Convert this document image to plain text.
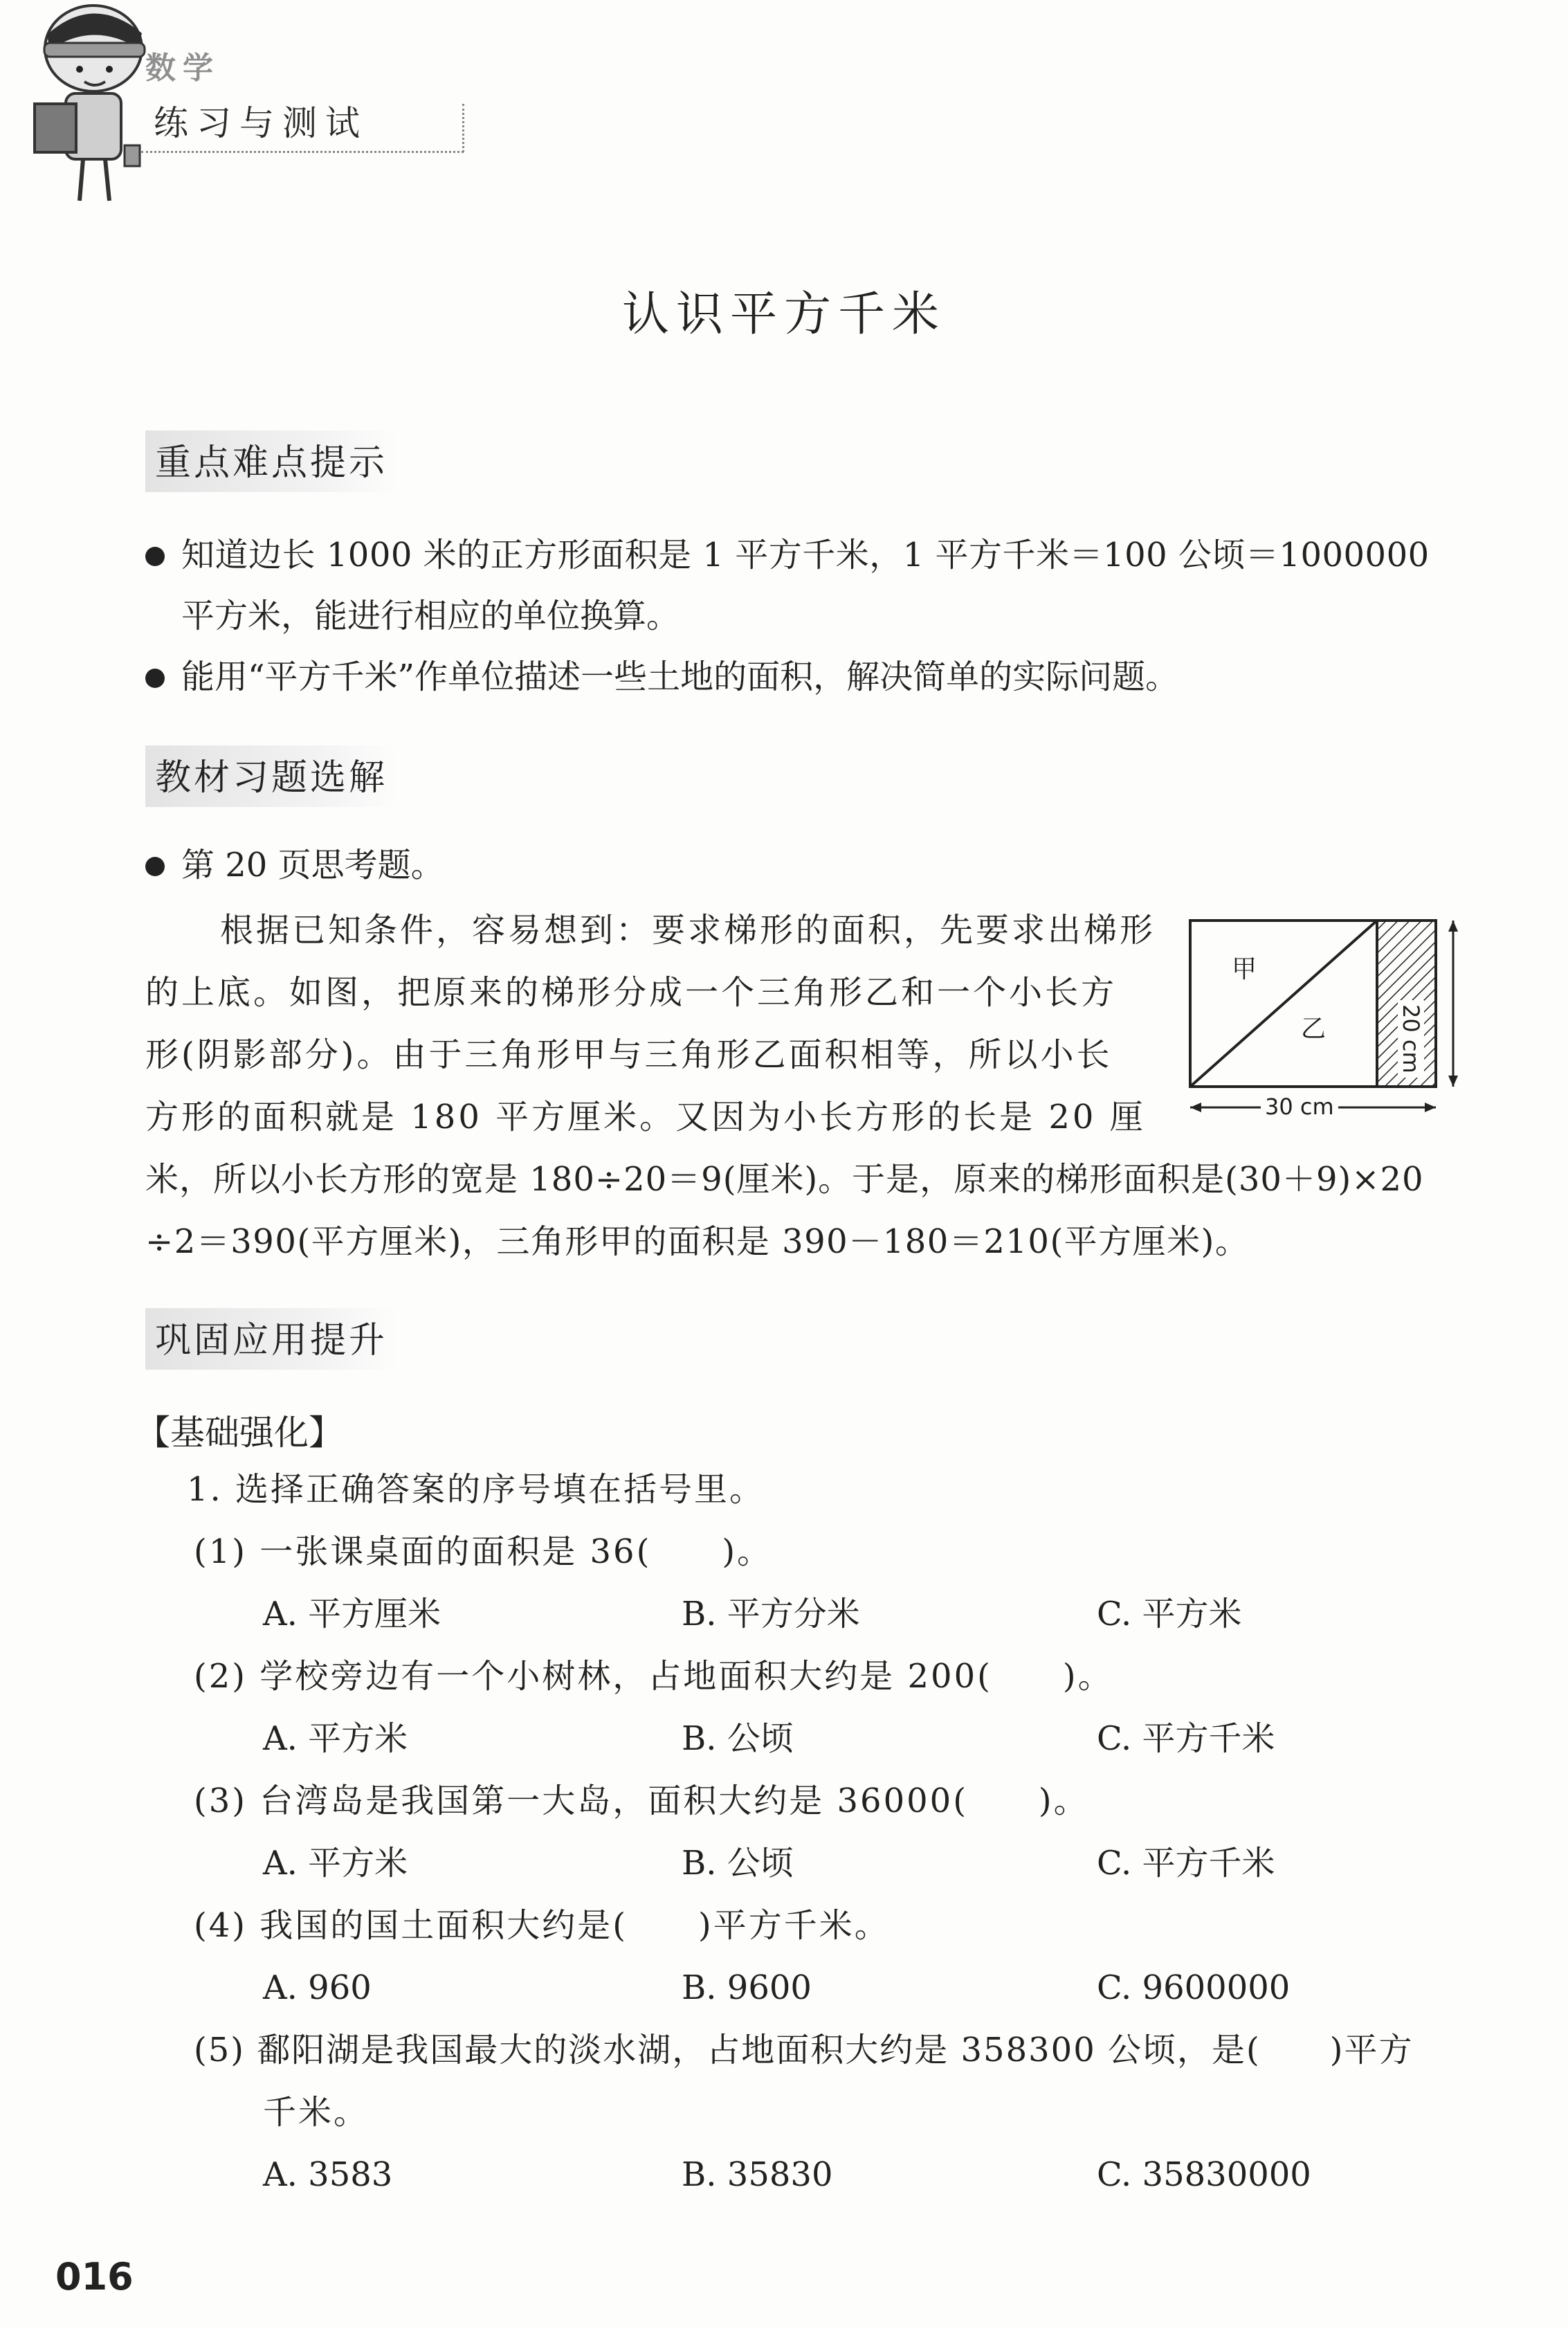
数学
练习与测试
认识平方千米
重点难点提示
知道边长 1000 米的正方形面积是 1 平方千米，1 平方千米＝100 公顷＝1000000
平方米，能进行相应的单位换算。
能用“平方千米”作单位描述一些土地的面积，解决简单的实际问题。
教材习题选解
第 20 页思考题。
根据已知条件，容易想到：要求梯形的面积，先要求出梯形
的上底。如图，把原来的梯形分成一个三角形乙和一个小长方
形(阴影部分)。由于三角形甲与三角形乙面积相等，所以小长
方形的面积就是 180 平方厘米。又因为小长方形的长是 20 厘
米，所以小长方形的宽是 180÷20＝9(厘米)。于是，原来的梯形面积是(30＋9)×20
÷2＝390(平方厘米)，三角形甲的面积是 390－180＝210(平方厘米)。
甲
乙	20 cm
30 cm
巩固应用提升
【基础强化】
1. 选择正确答案的序号填在括号里。
(1) 一张课桌面的面积是 36(　　)。
A. 平方厘米	B. 平方分米	C. 平方米
(2) 学校旁边有一个小树林，占地面积大约是 200(　　)。
A. 平方米	B. 公顷	C. 平方千米
(3) 台湾岛是我国第一大岛，面积大约是 36000(　　)。
A. 平方米	B. 公顷	C. 平方千米
(4) 我国的国土面积大约是(　　)平方千米。
A. 960	B. 9600	C. 9600000
(5) 鄱阳湖是我国最大的淡水湖，占地面积大约是 358300 公顷，是(　　)平方
千米。
A. 3583	B. 35830	C. 35830000
016
